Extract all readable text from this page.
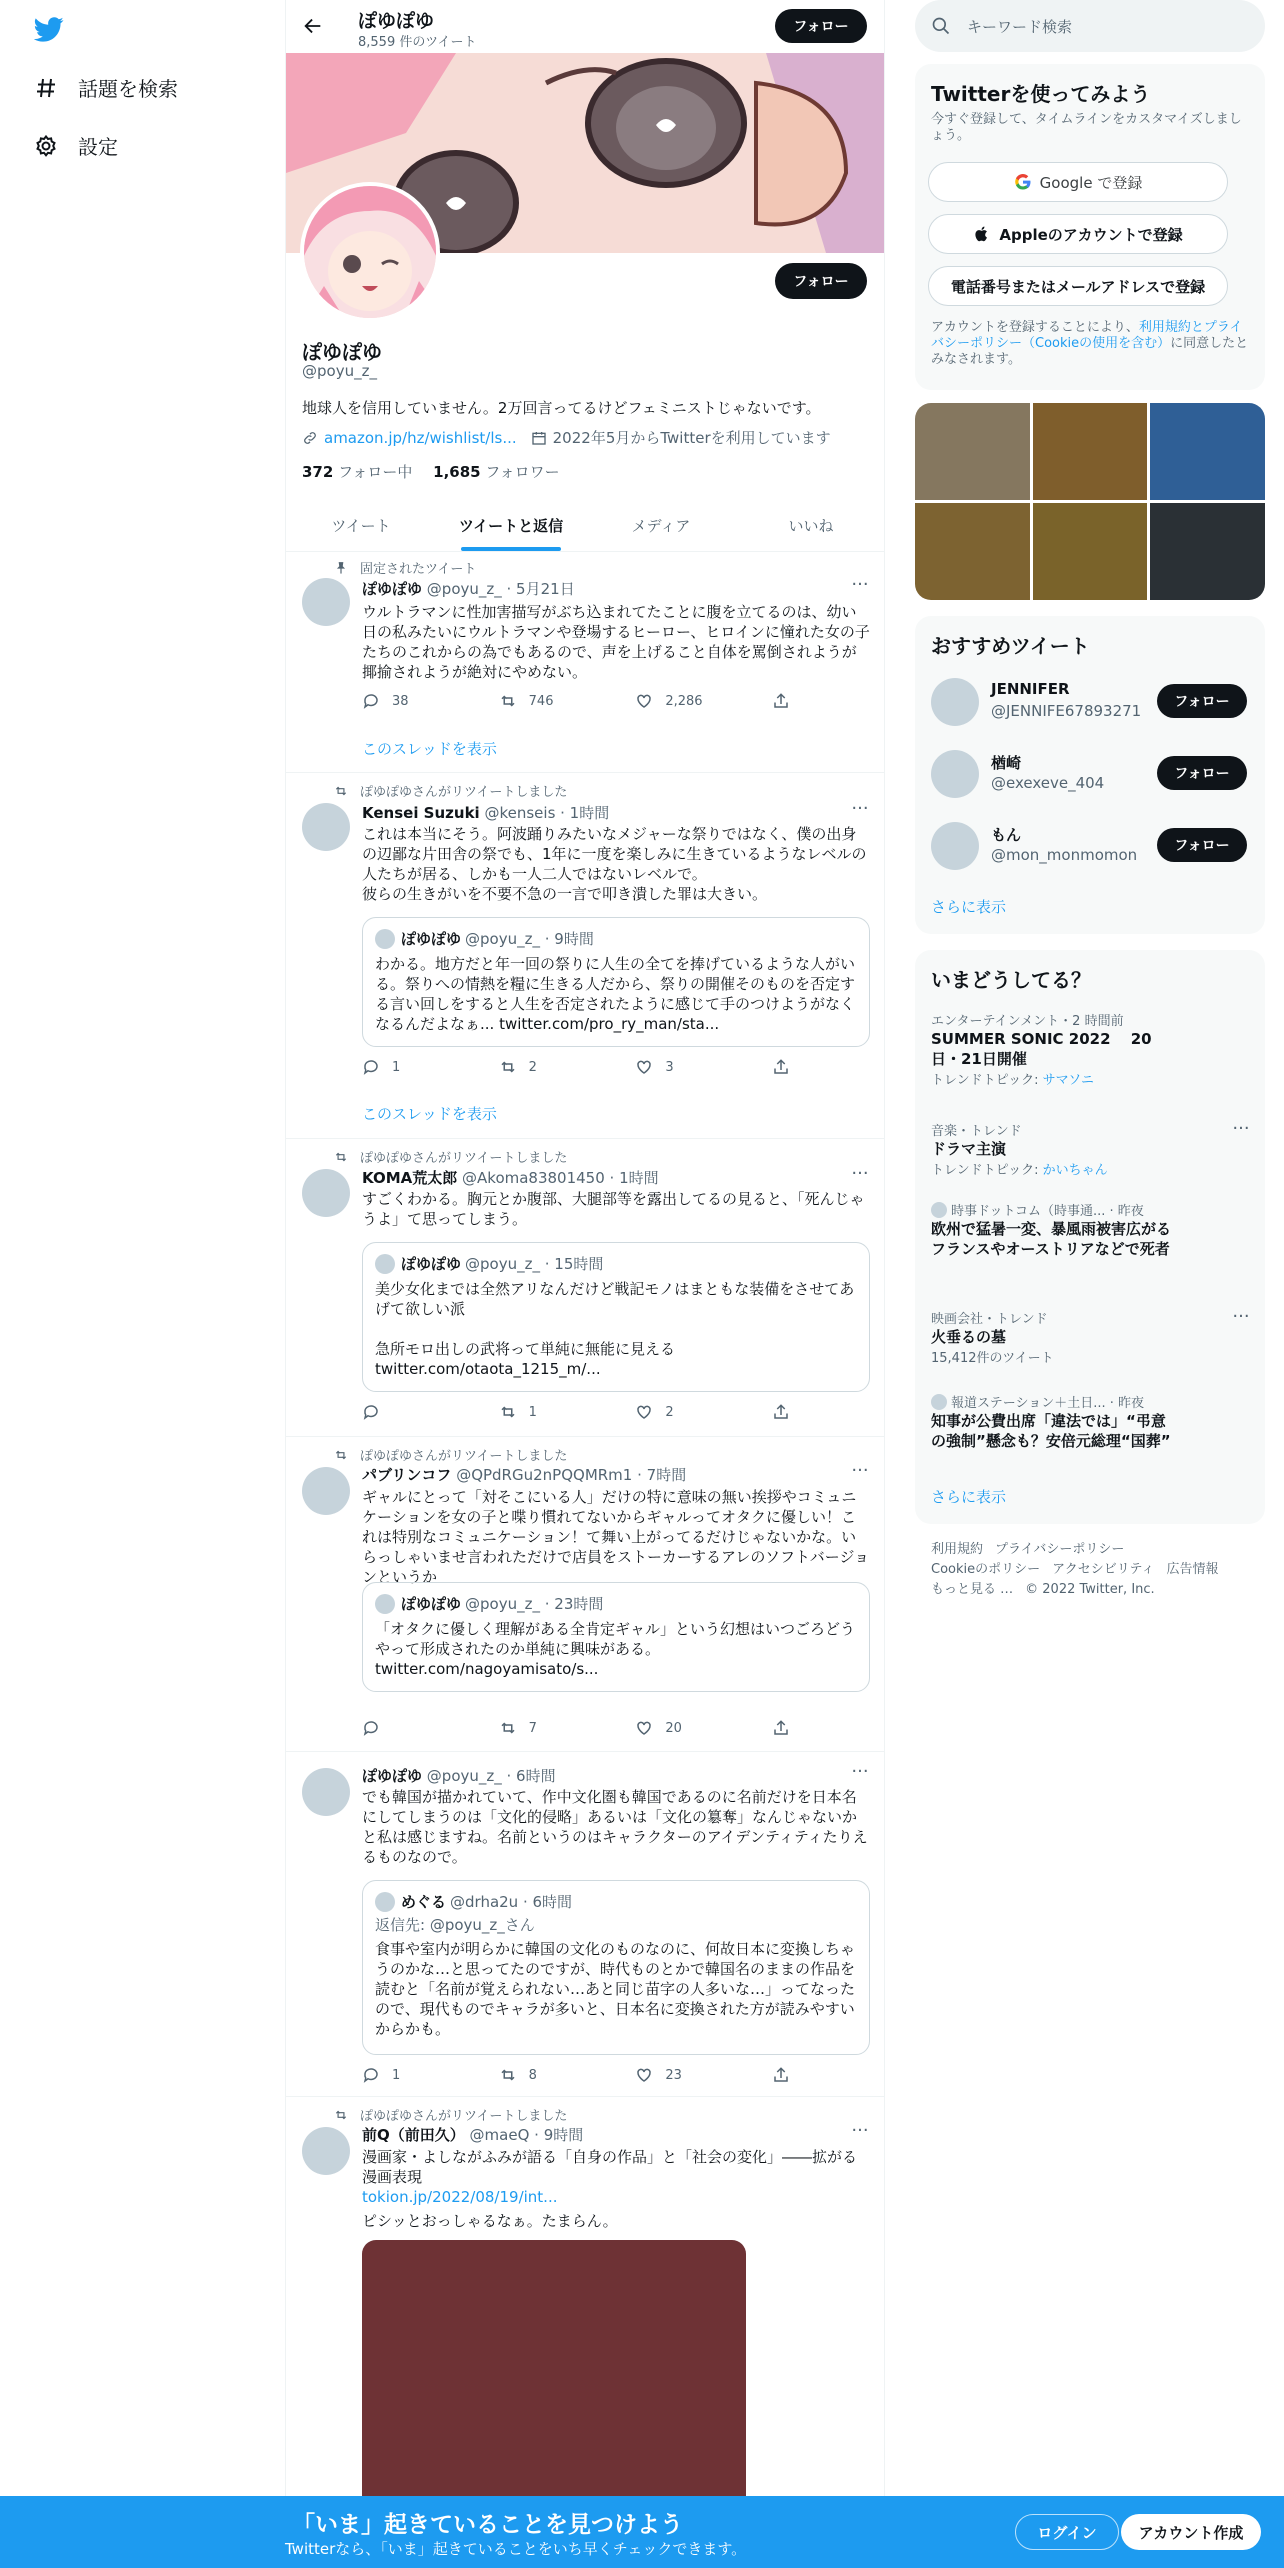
話題を検索
設定
ぽゆぽゆ
8,559 件のツイート
フォロー
フォロー
ぽゆぽゆ
@poyu_z_
地球人を信用していません。2万回言ってるけどフェミニストじゃないです。
amazon.jp/hz/wishlist/ls... 2022年5月からTwitterを利用しています
372 フォロー中 1,685 フォロワー
ツイート	ツイートと返信	メディア	いいね
固定されたツイート
ぽゆぽゆ @poyu_z_ · 5月21日	···
ウルトラマンに性加害描写がぶち込まれてたことに腹を立てるのは、幼い日の私みたいにウルトラマンや登場するヒーロー、ヒロインに憧れた女の子たちのこれからの為でもあるので、声を上げること自体を罵倒されようが揶揄されようが絶対にやめない。
38	746	2,286
このスレッドを表示
ぽゆぽゆさんがリツイートしました
Kensei Suzuki @kenseis · 1時間	···
これは本当にそう。阿波踊りみたいなメジャーな祭りではなく、僕の出身の辺鄙な片田舎の祭でも、1年に一度を楽しみに生きているようなレベルの人たちが居る、しかも一人二人ではないレベルで。
彼らの生きがいを不要不急の一言で叩き潰した罪は大きい。
ぽゆぽゆ @poyu_z_ · 9時間
わかる。地方だと年一回の祭りに人生の全てを捧げているような人がいる。祭りへの情熱を糧に生きる人だから、祭りの開催そのものを否定する言い回しをすると人生を否定されたように感じて手のつけようがなくなるんだよなぁ... twitter.com/pro_ry_man/sta...
1	2	3
このスレッドを表示
ぽゆぽゆさんがリツイートしました
KOMA荒太郎 @Akoma83801450 · 1時間	···
すごくわかる。胸元とか腹部、大腿部等を露出してるの見ると、「死んじゃうよ」て思ってしまう。
ぽゆぽゆ @poyu_z_ · 15時間
美少女化までは全然アリなんだけど戦記モノはまともな装備をさせてあげて欲しい派

急所モロ出しの武将って単純に無能に見える
twitter.com/otaota_1215_m/...
1	2
ぽゆぽゆさんがリツイートしました
パブリンコフ @QPdRGu2nPQQMRm1 · 7時間	···
ギャルにとって「対そこにいる人」だけの特に意味の無い挨拶やコミュニケーションを女の子と喋り慣れてないからギャルってオタクに優しい！これは特別なコミュニケーション！て舞い上がってるだけじゃないかな。いらっしゃいませ言われただけで店員をストーカーするアレのソフトバージョンというか
ぽゆぽゆ @poyu_z_ · 23時間
「オタクに優しく理解がある全肯定ギャル」という幻想はいつごろどうやって形成されたのか単純に興味がある。
twitter.com/nagoyamisato/s...
7	20
ぽゆぽゆ @poyu_z_ · 6時間	···
でも韓国が描かれていて、作中文化圏も韓国であるのに名前だけを日本名にしてしまうのは「文化的侵略」あるいは「文化の簒奪」なんじゃないかと私は感じますね。名前というのはキャラクターのアイデンティティたりえるものなので。
めぐる @drha2u · 6時間
返信先: @poyu_z_さん
食事や室内が明らかに韓国の文化のものなのに、何故日本に変換しちゃうのかな…と思ってたのですが、時代ものとかで韓国名のままの作品を読むと「名前が覚えられない…あと同じ苗字の人多いな…」ってなったので、現代ものでキャラが多いと、日本名に変換された方が読みやすいからかも。
1	8	23
ぽゆぽゆさんがリツイートしました
前Q（前田久） @maeQ · 9時間	···
漫画家・よしながふみが語る「自身の作品」と「社会の変化」――拡がる漫画表現
tokion.jp/2022/08/19/int...
ピシッとおっしゃるなぁ。たまらん。
キーワード検索
Twitterを使ってみよう
今すぐ登録して、タイムラインをカスタマイズしましょう。
Google で登録
Appleのアカウントで登録
電話番号またはメールアドレスで登録
アカウントを登録することにより、利用規約とプライバシーポリシー（Cookieの使用を含む）に同意したとみなされます。
おすすめツイート
JENNIFER
@JENNIFE67893271	フォロー
楢崎
@exexeve_404	フォロー
もん
@mon_monmomon	フォロー
さらに表示
いまどうしてる？
エンターテインメント・2 時間前
SUMMER SONIC 2022　 20日・21日開催
トレンドトピック: サマソニ
音楽・トレンド
ドラマ主演
トレンドトピック: かいちゃん
···
時事ドットコム（時事通... · 昨夜
欧州で猛暑一変、暴風雨被害広がる　フランスやオーストリアなどで死者
映画会社・トレンド
火垂るの墓
15,412件のツイート
···
報道ステーション＋土日... · 昨夜
知事が公費出席「違法では」“弔意の強制”懸念も？安倍元総理“国葬”
さらに表示
利用規約 プライバシーポリシー
Cookieのポリシー アクセシビリティ 広告情報
もっと見る … © 2022 Twitter, Inc.
「いま」起きていることを見つけよう
Twitterなら、「いま」起きていることをいち早くチェックできます。
ログイン	アカウント作成
